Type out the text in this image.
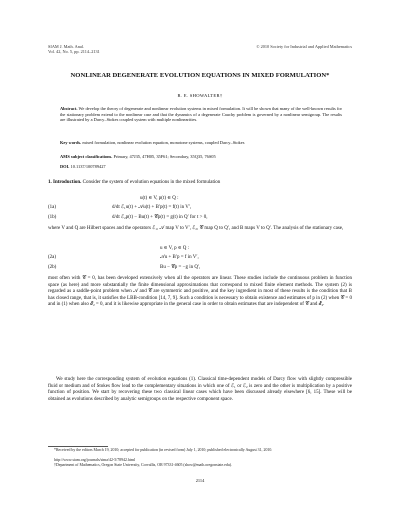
SIAM J. Math. Anal.
Vol. 42, No. 5, pp. 2114–2131
© 2010 Society for Industrial and Applied Mathematics
NONLINEAR DEGENERATE EVOLUTION EQUATIONS IN MIXED FORMULATION*
R. E. SHOWALTER†
Abstract. We develop the theory of degenerate and nonlinear evolution systems in mixed formulation. It will be shown that many of the well-known results for the stationary problem extend to the nonlinear case and that the dynamics of a degenerate Cauchy problem is governed by a nonlinear semigroup. The results are illustrated by a Darcy–Stokes coupled system with multiple nonlinearities.
Key words. mixed formulation, nonlinear evolution equation, monotone systems, coupled Darcy–Stokes
AMS subject classifications. Primary, 47J35, 47H05, 35F61; Secondary, 35Q35, 76S05
DOI. 10.1137/100789427
1. Introduction. Consider the system of evolution equations in the mixed formulation
u(t) ∈ V, p(t) ∈ Q :
(1a)	d/dt ℰ₁u(t) + 𝒜u(t) + B′p(t) = f(t) in V′,
(1b)	d/dt ℰ₂p(t) − Bu(t) + 𝒞p(t) = g(t) in Q′ for t > 0,
where V and Q are Hilbert spaces and the operators ℰ₁, 𝒜 map V to V′, ℰ₂, 𝒞 map Q to Q′, and B maps V to Q′. The analysis of the stationary case,
u ∈ V, p ∈ Q :
(2a)	𝒜u + B′p = f in V′,
(2b)	Bu − 𝒞p = −g in Q′,
most often with 𝒞 = 0, has been developed extensively when all the operators are linear. These studies include the continuous problem in function space (as here) and more substantially the finite dimensional approximations that correspond to mixed finite element methods. The system (2) is regarded as a saddle-point problem when 𝒜 and 𝒞 are symmetric and positive, and the key ingredient in most of these results is the condition that B has closed range, that is, it satisfies the LBB-condition [14, 7, 9]. Such a condition is necessary to obtain existence and estimates of p in (2) when 𝒞 = 0 and in (1) when also ℰ₂ = 0, and it is likewise appropriate in the general case in order to obtain estimates that are independent of 𝒞 and ℰ₂.
We study here the corresponding system of evolution equations (1). Classical time-dependent models of Darcy flow with slightly compressible fluid or medium and of Stokes flow lead to the complementary situations in which one of ℰ₁ or ℰ₂ is zero and the other is multiplication by a positive function of position. We start by recovering these two classical linear cases which have been discussed already elsewhere [6, 15]. These will be obtained as evolutions described by analytic semigroups on the respective component space.
*Received by the editors March 19, 2010; accepted for publication (in revised form) July 1, 2010; published electronically August 31, 2010.
http://www.siam.org/journals/sima/42-5/78942.html
†Department of Mathematics, Oregon State University, Corvallis, OR 97331-4605 (show@math.oregonstate.edu).
2114
